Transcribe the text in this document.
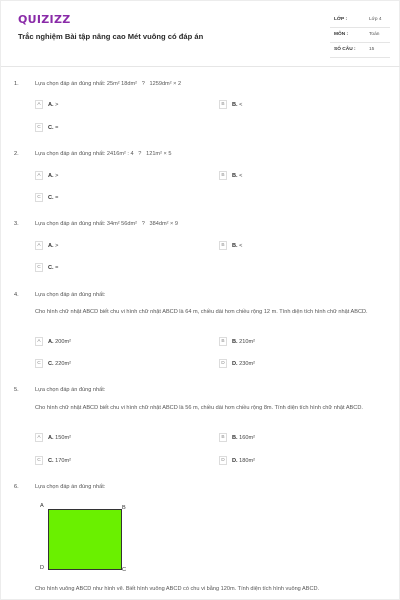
QUIZIZZ
Trắc nghiệm Bài tập nâng cao Mét vuông có đáp án
LỚP :	Lớp 4
MÔN :	Toán
SỐ CÂU :	15
1.	Lựa chọn đáp án đúng nhất: 25m² 18dm² ? 1259dm² × 2
A	A. >	B	B. <
C	C. =
2.	Lựa chọn đáp án đúng nhất: 2416m² : 4 ? 121m² × 5
A	A. >	B	B. <
C	C. =
3.	Lựa chọn đáp án đúng nhất: 34m² 56dm² ? 384dm² × 9
A	A. >	B	B. <
C	C. =
4.	Lựa chọn đáp án đúng nhất:
Cho hình chữ nhật ABCD biết chu vi hình chữ nhật ABCD là 64 m, chiều dài hơn chiều rộng 12 m. Tính diện tích hình chữ nhật ABCD.
A	A. 200m²	B	B. 210m²
C	C. 220m²	D	D. 230m²
5.	Lựa chọn đáp án đúng nhất:
Cho hình chữ nhật ABCD biết chu vi hình chữ nhật ABCD là 56 m, chiều dài hơn chiều rộng 8m. Tính diện tích hình chữ nhật ABCD.
A	A. 150m²	B	B. 160m²
C	C. 170m²	D	D. 180m²
6.	Lựa chọn đáp án đúng nhất:
A	B
C
D
Cho hình vuông ABCD như hình vẽ. Biết hình vuông ABCD có chu vi bằng 120m. Tính diện tích hình vuông ABCD.
